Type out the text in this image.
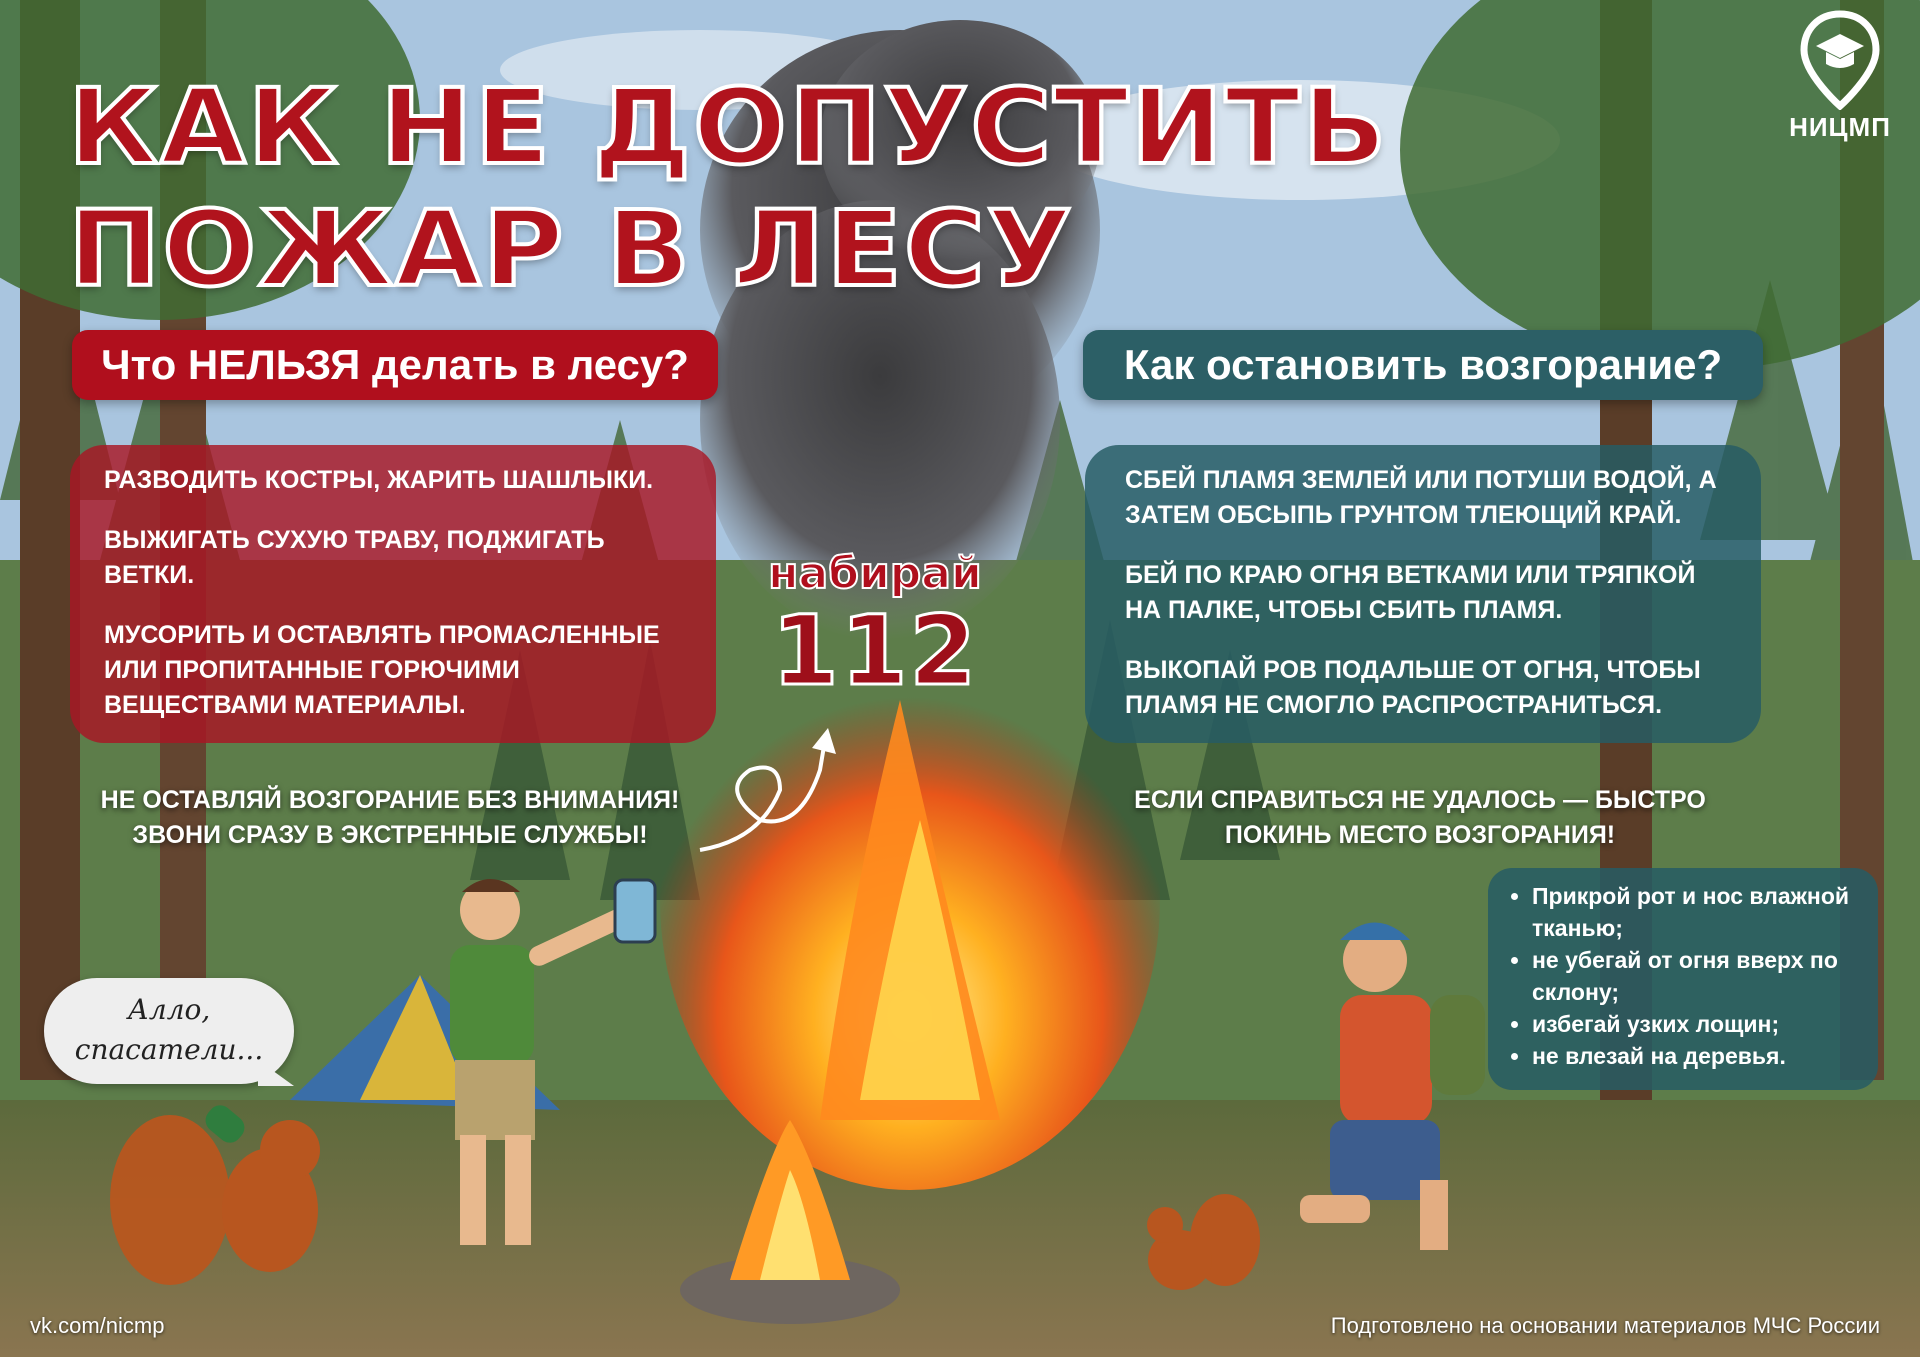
НИЦМП
КАК НЕ ДОПУСТИТЬ
ПОЖАР В ЛЕСУ
Что НЕЛЬЗЯ делать в лесу?

РАЗВОДИТЬ КОСТРЫ, ЖАРИТЬ ШАШЛЫКИ.

ВЫЖИГАТЬ СУХУЮ ТРАВУ, ПОДЖИГАТЬ ВЕТКИ.

МУСОРИТЬ И ОСТАВЛЯТЬ ПРОМАСЛЕННЫЕ ИЛИ ПРОПИТАННЫЕ ГОРЮЧИМИ ВЕЩЕСТВАМИ МАТЕРИАЛЫ.

НЕ ОСТАВЛЯЙ ВОЗГОРАНИЕ БЕЗ ВНИМАНИЯ!
ЗВОНИ СРАЗУ В ЭКСТРЕННЫЕ СЛУЖБЫ!
набирай
112
Как остановить возгорание?

СБЕЙ ПЛАМЯ ЗЕМЛЕЙ ИЛИ ПОТУШИ ВОДОЙ, А ЗАТЕМ ОБСЫПЬ ГРУНТОМ ТЛЕЮЩИЙ КРАЙ.

БЕЙ ПО КРАЮ ОГНЯ ВЕТКАМИ ИЛИ ТРЯПКОЙ НА ПАЛКЕ, ЧТОБЫ СБИТЬ ПЛАМЯ.

ВЫКОПАЙ РОВ ПОДАЛЬШЕ ОТ ОГНЯ, ЧТОБЫ ПЛАМЯ НЕ СМОГЛО РАСПРОСТРАНИТЬСЯ.

ЕСЛИ СПРАВИТЬСЯ НЕ УДАЛОСЬ — БЫСТРО
ПОКИНЬ МЕСТО ВОЗГОРАНИЯ!
• Прикрой рот и нос влажной тканью;
• не убегай от огня вверх по склону;
• избегай узких лощин;
• не влезай на деревья.
Алло,
спасатели...
vk.com/nicmp	Подготовлено на основании материалов МЧС России
